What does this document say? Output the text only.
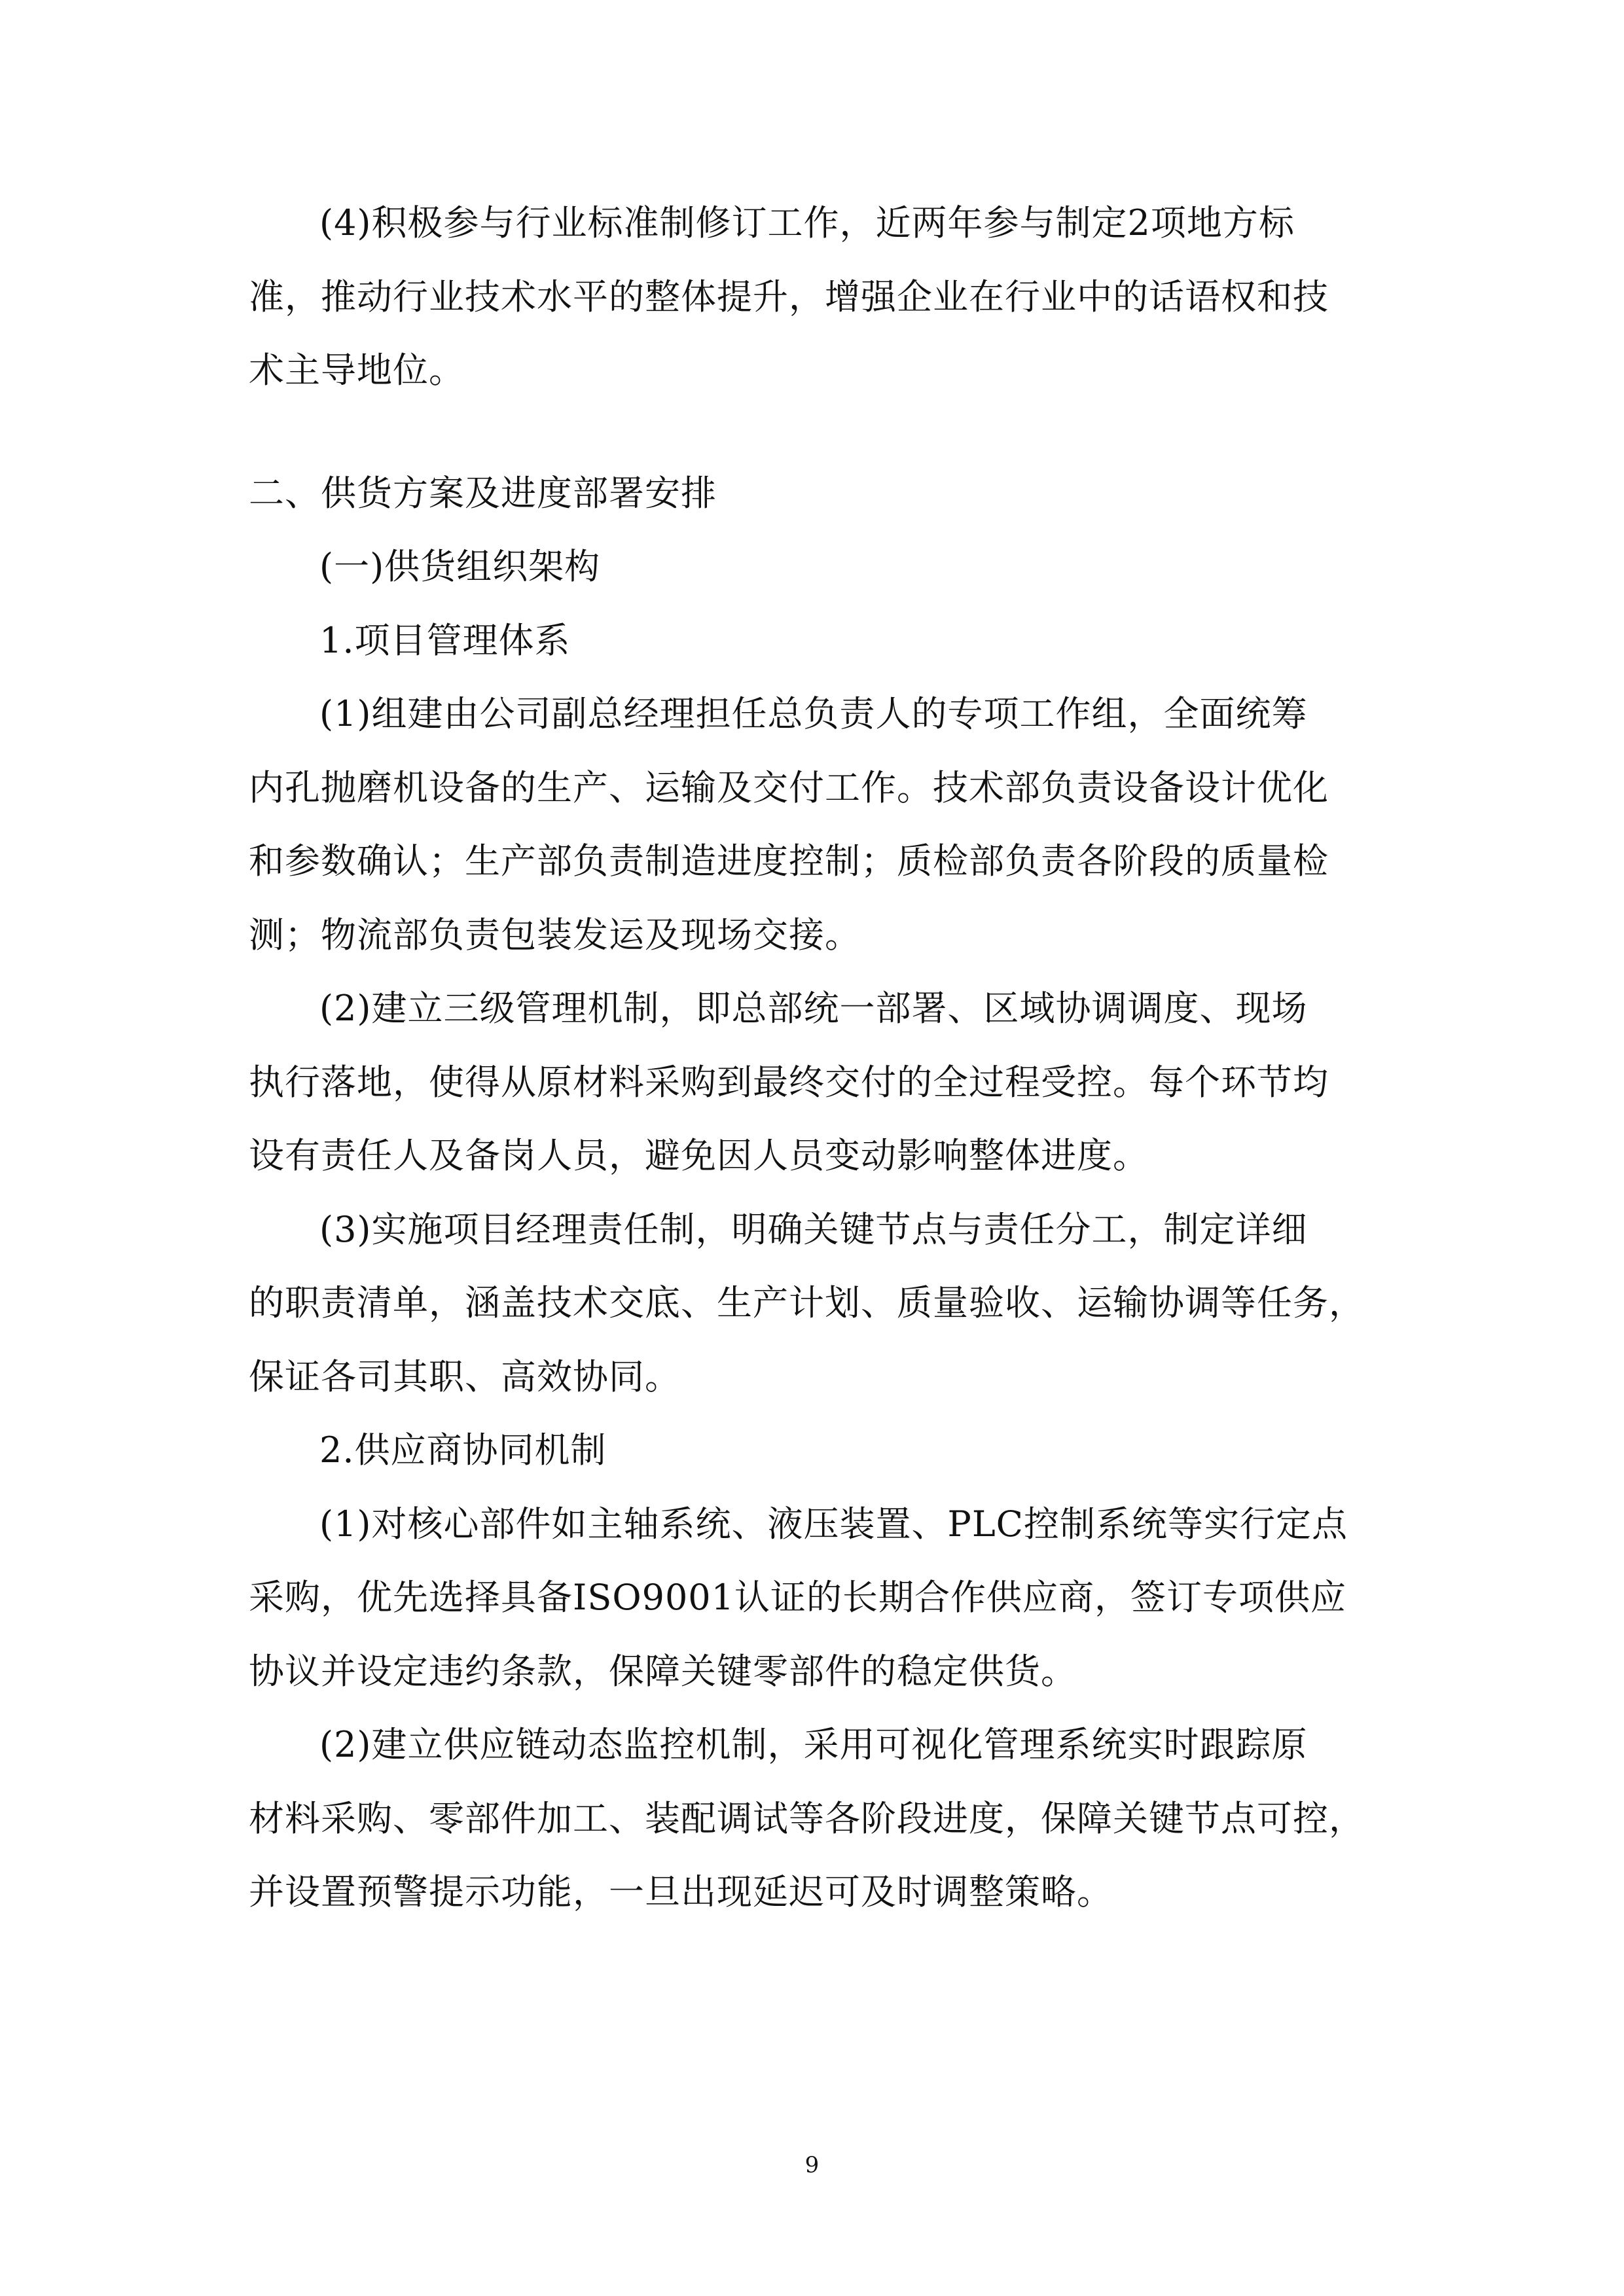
(4)积极参与行业标准制修订工作，近两年参与制定2项地方标
准，推动行业技术水平的整体提升，增强企业在行业中的话语权和技
术主导地位。
二、供货方案及进度部署安排
(一)供货组织架构
1.项目管理体系
(1)组建由公司副总经理担任总负责人的专项工作组，全面统筹
内孔抛磨机设备的生产、运输及交付工作。技术部负责设备设计优化
和参数确认；生产部负责制造进度控制；质检部负责各阶段的质量检
测；物流部负责包装发运及现场交接。
(2)建立三级管理机制，即总部统一部署、区域协调调度、现场
执行落地，使得从原材料采购到最终交付的全过程受控。每个环节均
设有责任人及备岗人员，避免因人员变动影响整体进度。
(3)实施项目经理责任制，明确关键节点与责任分工，制定详细
的职责清单，涵盖技术交底、生产计划、质量验收、运输协调等任务，
保证各司其职、高效协同。
2.供应商协同机制
(1)对核心部件如主轴系统、液压装置、PLC控制系统等实行定点
采购，优先选择具备ISO9001认证的长期合作供应商，签订专项供应
协议并设定违约条款，保障关键零部件的稳定供货。
(2)建立供应链动态监控机制，采用可视化管理系统实时跟踪原
材料采购、零部件加工、装配调试等各阶段进度，保障关键节点可控，
并设置预警提示功能，一旦出现延迟可及时调整策略。
9
